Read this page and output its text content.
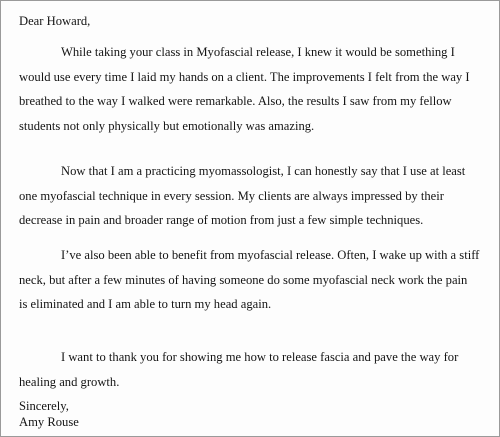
Dear Howard,

While taking your class in Myofascial release, I knew it would be something I
would use every time I laid my hands on a client. The improvements I felt from the way I
breathed to the way I walked were remarkable. Also, the results I saw from my fellow
students not only physically but emotionally was amazing.

Now that I am a practicing myomassologist, I can honestly say that I use at least
one myofascial technique in every session. My clients are always impressed by their
decrease in pain and broader range of motion from just a few simple techniques.

I’ve also been able to benefit from myofascial release. Often, I wake up with a stiff
neck, but after a few minutes of having someone do some myofascial neck work the pain
is eliminated and I am able to turn my head again.

I want to thank you for showing me how to release fascia and pave the way for
healing and growth.

Sincerely,
Amy Rouse
